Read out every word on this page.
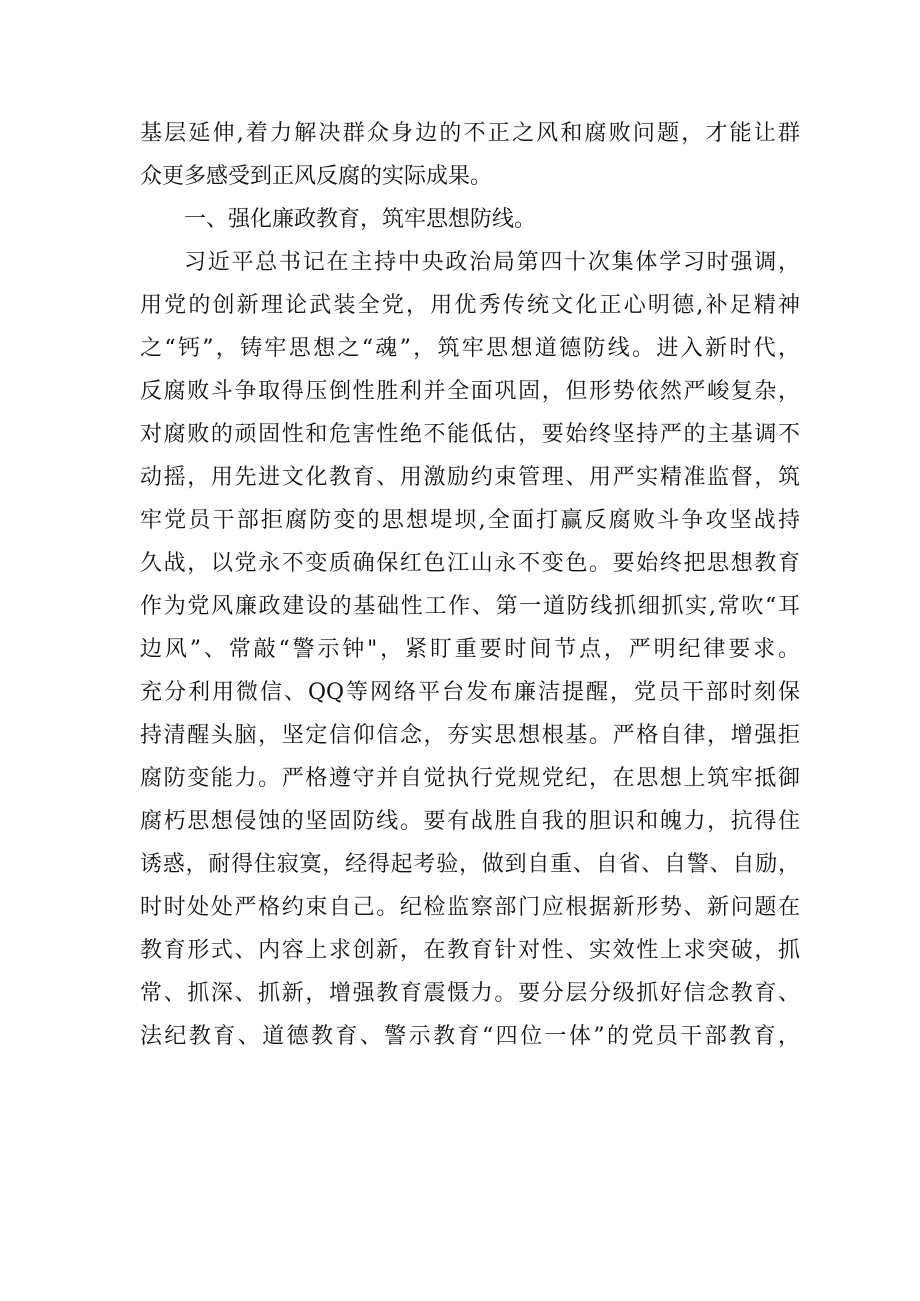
基层延伸,着力解决群众身边的不正之风和腐败问题，才能让群
众更多感受到正风反腐的实际成果。
一、强化廉政教育，筑牢思想防线。
习近平总书记在主持中央政治局第四十次集体学习时强调，
用党的创新理论武装全党，用优秀传统文化正心明德,补足精神
之“钙”，铸牢思想之“魂”，筑牢思想道德防线。进入新时代，
反腐败斗争取得压倒性胜利并全面巩固，但形势依然严峻复杂，
对腐败的顽固性和危害性绝不能低估，要始终坚持严的主基调不
动摇，用先进文化教育、用激励约束管理、用严实精准监督，筑
牢党员干部拒腐防变的思想堤坝,全面打赢反腐败斗争攻坚战持
久战，以党永不变质确保红色江山永不变色。要始终把思想教育
作为党风廉政建设的基础性工作、第一道防线抓细抓实,常吹“耳
边风”、常敲“警示钟"，紧盯重要时间节点，严明纪律要求。
充分利用微信、QQ等网络平台发布廉洁提醒，党员干部时刻保
持清醒头脑，坚定信仰信念，夯实思想根基。严格自律，增强拒
腐防变能力。严格遵守并自觉执行党规党纪，在思想上筑牢抵御
腐朽思想侵蚀的坚固防线。要有战胜自我的胆识和魄力，抗得住
诱惑，耐得住寂寞，经得起考验，做到自重、自省、自警、自励，
时时处处严格约束自己。纪检监察部门应根据新形势、新问题在
教育形式、内容上求创新，在教育针对性、实效性上求突破，抓
常、抓深、抓新，增强教育震慑力。要分层分级抓好信念教育、
法纪教育、道德教育、警示教育“四位一体”的党员干部教育，
